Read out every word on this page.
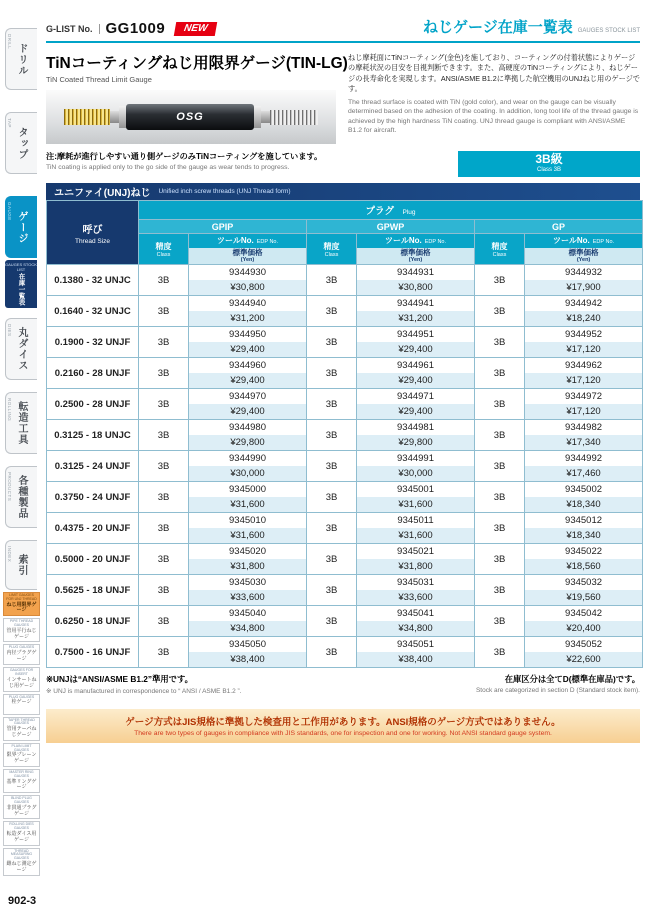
DRILL
ドリル
TAP
タップ
GAUGE ゲージ
DIES 丸ダイス
ROLLING 転造工具
PRODUCTS 各種製品
INDEX 索引
GAUGES STOCK LIST
在庫一覧表
LIMIT GAUGES FOR UNJ THREAD
ねじ用限界ゲージ
PIPE THREAD GAUGES
管用平行ねじゲージ
PLUG GAUGES
内径プラグゲージ
GAUGES FOR INSERT
インサートねじ用ゲージ
PLUG GAUGES
栓ゲージ
TAPER THREAD GAUGES
管用テーパねじゲージ
PLAIN LIMIT GAUGES
限界プレーンゲージ
MASTER RING GAUGES
基準リングゲージ
BLIND PLUG GAUGES
非貫通プラグゲージ
ROLLING DIES GAUGES
転造ダイス用ゲージ
THREAD MEASURING GAUGES
雌ねじ測定ゲージ
G-LIST No. GG1009	NEW	ねじゲージ在庫一覧表 GAUGES STOCK LIST
TiNコーティングねじ用限界ゲージ(TIN-LG)
TiN Coated Thread Limit Gauge
OSG
ねじ摩耗面にTiNコーティング(金色)を施しており、コーティングの付着状態によりゲージの摩耗状況の目安を目視判断できます。また、高硬度のTiNコーティングにより、ねじゲージの長寿命化を実現します。ANSI/ASME B1.2に準拠した航空機用のUNJねじ用のゲージです。
The thread surface is coated with TiN (gold color), and wear on the gauge can be visually determined based on the adhesion of the coating. In addition, long tool life of the thread gauge is achieved by the high hardness TiN coating. UNJ thread gauge is compliant with ANSI/ASME B1.2 for aircraft.
注:摩耗が進行しやすい通り側ゲージのみTiNコーティングを施しています。
TiN coating is applied only to the go side of the gauge as wear tends to progress.
3B級
Class 3B
ユニファイ(UNJ)ねじ Unified inch screw threads (UNJ Thread form)
呼び
Thread Size	プラグ Plug					
	GPIP		GPWP		GP	

精度
Class

ツールNo. EDP No.
標準価格
(Yen)

精度
Class

ツールNo. EDP No.
標準価格
(Yen)

精度
Class

ツールNo. EDP No.
標準価格
(Yen)

0.1380 - 32 UNJC	3B	
9344930
¥30,800
	3B	
9344931
¥30,800
	3B	
9344932
¥17,900

0.1640 - 32 UNJC	3B	
9344940
¥31,200
	3B	
9344941
¥31,200
	3B	
9344942
¥18,240

0.1900 - 32 UNJF	3B	
9344950
¥29,400
	3B	
9344951
¥29,400
	3B	
9344952
¥17,120

0.2160 - 28 UNJF	3B	
9344960
¥29,400
	3B	
9344961
¥29,400
	3B	
9344962
¥17,120

0.2500 - 28 UNJF	3B	
9344970
¥29,400
	3B	
9344971
¥29,400
	3B	
9344972
¥17,120

0.3125 - 18 UNJC	3B	
9344980
¥29,800
	3B	
9344981
¥29,800
	3B	
9344982
¥17,340

0.3125 - 24 UNJF	3B	
9344990
¥30,000
	3B	
9344991
¥30,000
	3B	
9344992
¥17,460

0.3750 - 24 UNJF	3B	
9345000
¥31,600
	3B	
9345001
¥31,600
	3B	
9345002
¥18,340

0.4375 - 20 UNJF	3B	
9345010
¥31,600
	3B	
9345011
¥31,600
	3B	
9345012
¥18,340

0.5000 - 20 UNJF	3B	
9345020
¥31,800
	3B	
9345021
¥31,800
	3B	
9345022
¥18,560

0.5625 - 18 UNJF	3B	
9345030
¥33,600
	3B	
9345031
¥33,600
	3B	
9345032
¥19,560

0.6250 - 18 UNJF	3B	
9345040
¥34,800
	3B	
9345041
¥34,800
	3B	
9345042
¥20,400

0.7500 - 16 UNJF	3B	
9345050
¥38,400
	3B	
9345051
¥38,400
	3B	
9345052
¥22,600
※UNJは“ANSI/ASME B1.2”準用です。
※ UNJ is manufactured in correspondence to “ ANSI / ASME B1.2 ”.
在庫区分は全てD(標準在庫品)です。
Stock are categorized in section D (Standard stock item).
ゲージ方式はJIS規格に準拠した検査用と工作用があります。ANSI規格のゲージ方式ではありません。
There are two types of gauges in compliance with JIS standards, one for inspection and one for working. Not ANSI standard gauge system.
902-3
